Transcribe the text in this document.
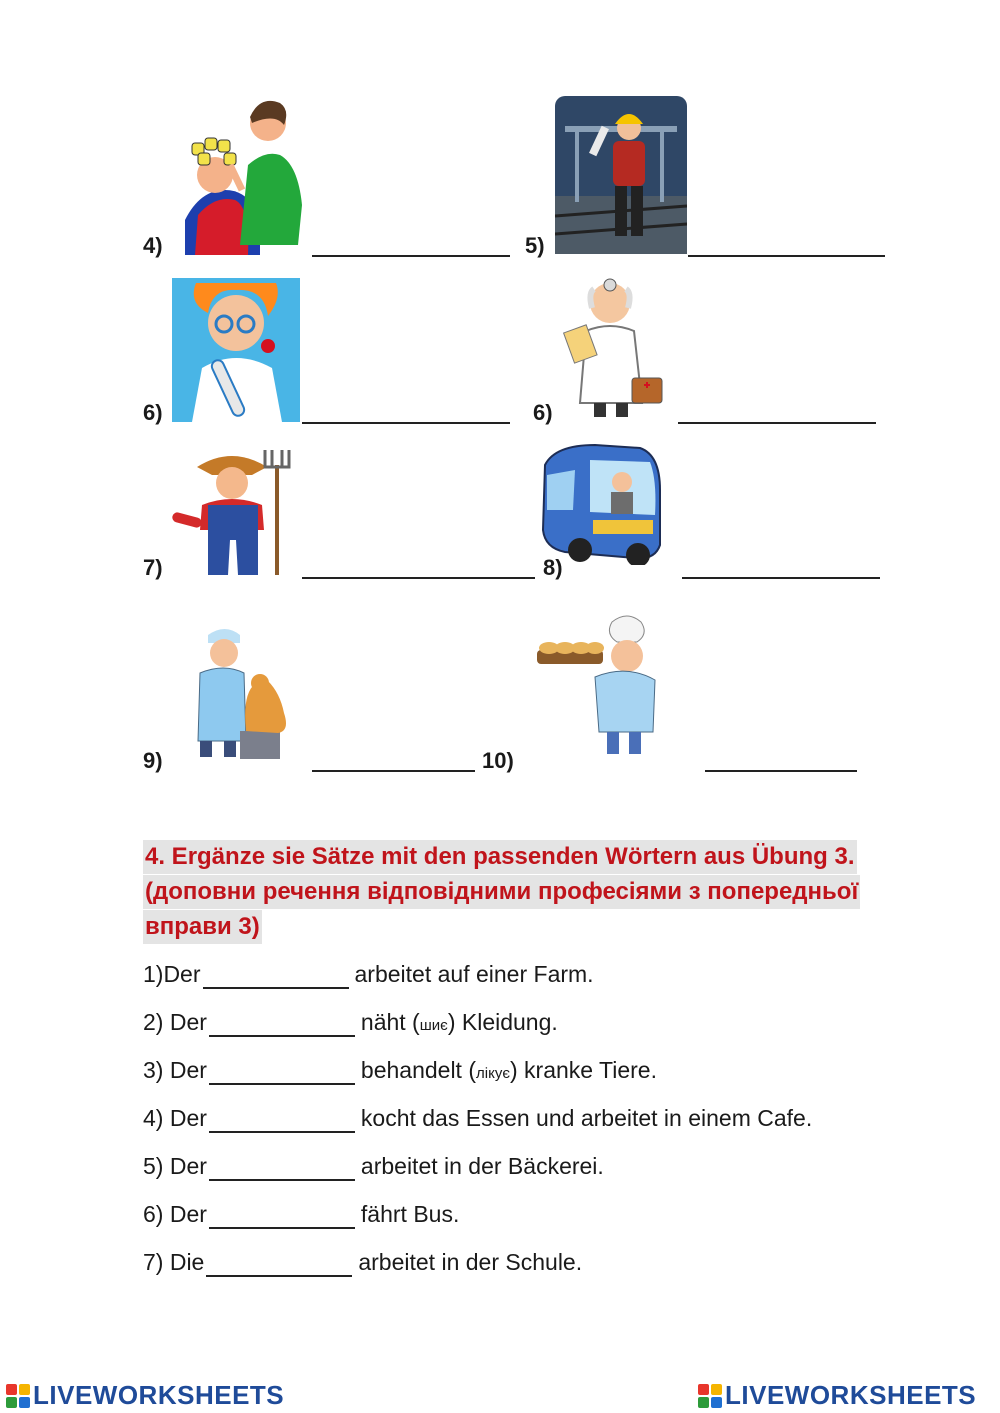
4)	5)
6)	6)
7)	8)
9)	10)
4. Ergänze sie Sätze mit den passenden Wörtern aus Übung 3.
(доповни речення відповідними професіями з попередньої
вправи 3)
1)Der	arbeitet auf einer Farm.
2) Der	näht (шиє) Kleidung.
3) Der	behandelt (лікує) kranke Tiere.
4) Der	kocht das Essen und arbeitet in einem Cafe.
5) Der	arbeitet in der Bäckerei.
6) Der	fährt Bus.
7) Die	arbeitet in der Schule.
LIVEWORKSHEETS	LIVEWORKSHEETS
